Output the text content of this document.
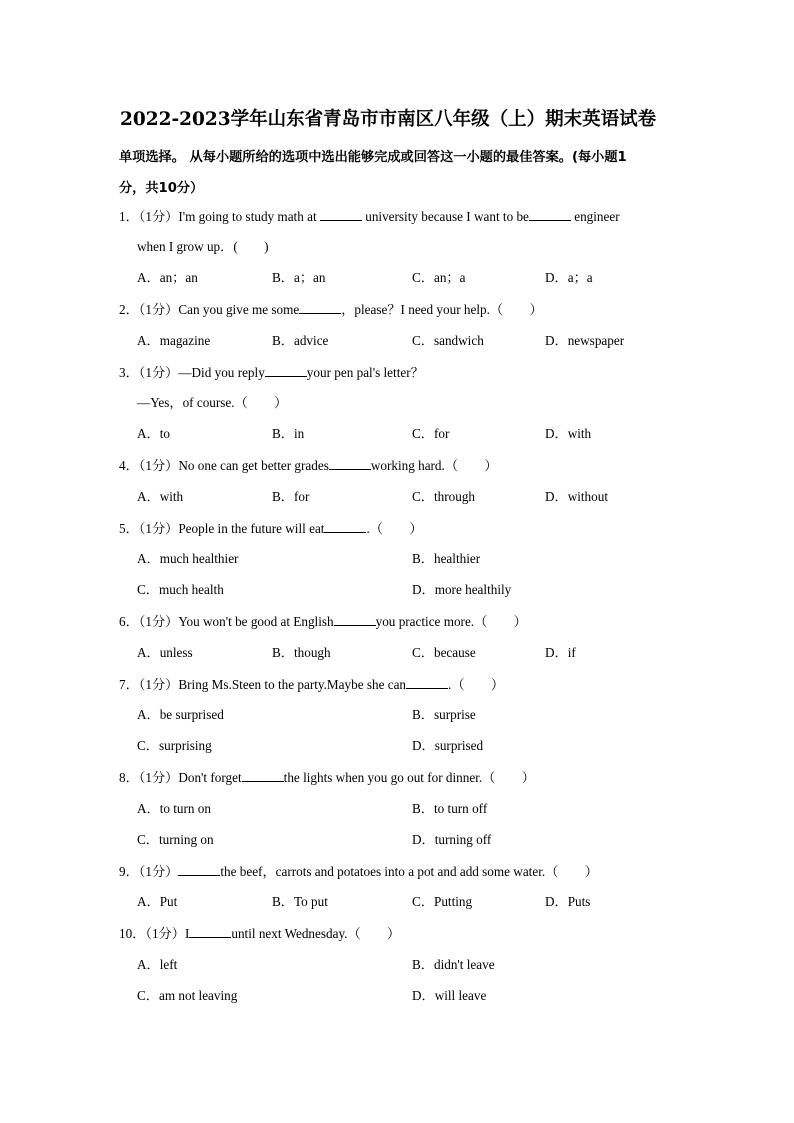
2022-2023学年山东省青岛市市南区八年级（上）期末英语试卷
单项选择。 从每小题所给的选项中选出能够完成或回答这一小题的最佳答案。(每小题1
分，共10分）
1．（1分）I'm going to study math at	university because I want to be	engineer
when I grow up．(　　)
A．an；an	B．a；an	C．an；a	D．a；a
2．（1分）Can you give me some	，please？I need your help.（　　）
A．magazine	B．advice	C．sandwich	D．newspaper
3．（1分）—Did you reply	your pen pal's letter？
—Yes，of course.（　　）
A．to	B．in	C．for	D．with
4．（1分）No one can get better grades	working hard.（　　）
A．with	B．for	C．through	D．without
5．（1分）People in the future will eat	.（　　）
A．much healthier	B．healthier
C．much health	D．more healthily
6．（1分）You won't be good at English	you practice more.（　　）
A．unless	B．though	C．because	D．if
7．（1分）Bring Ms.Steen to the party.Maybe she can	.（　　）
A．be surprised	B．surprise
C．surprising	D．surprised
8．（1分）Don't forget	the lights when you go out for dinner.（　　）
A．to turn on	B．to turn off
C．turning on	D．turning off
9．（1分）	the beef，carrots and potatoes into a pot and add some water.（　　）
A．Put	B．To put	C．Putting	D．Puts
10．（1分）I	until next Wednesday.（　　）
A．left	B．didn't leave
C．am not leaving	D．will leave
